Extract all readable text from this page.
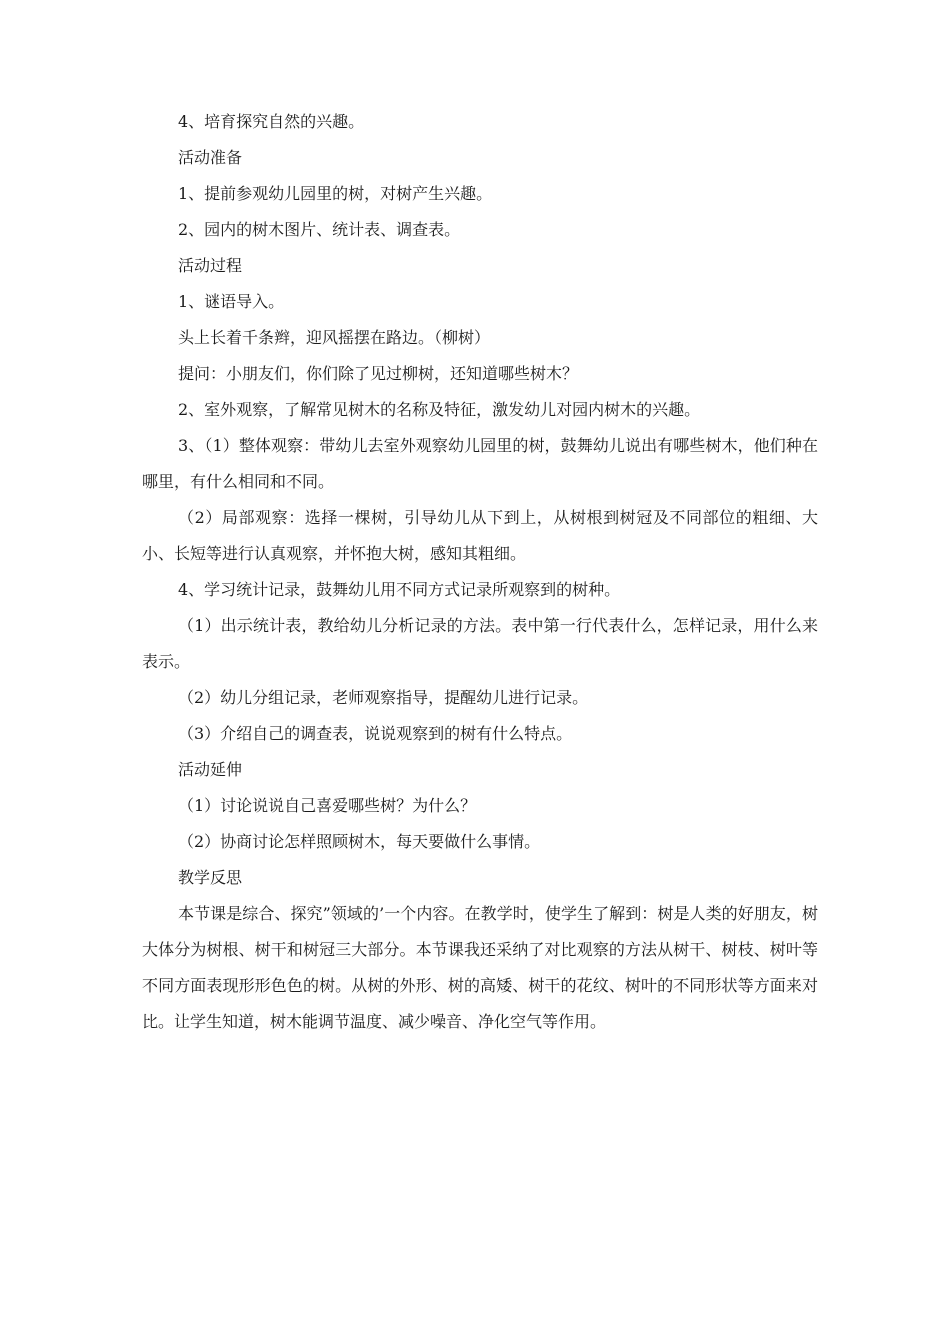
4、培育探究自然的兴趣。

活动准备

1、提前参观幼儿园里的树，对树产生兴趣。

2、园内的树木图片、统计表、调查表。

活动过程

1、谜语导入。

头上长着千条辫，迎风摇摆在路边。（柳树）

提问：小朋友们，你们除了见过柳树，还知道哪些树木？

2、室外观察，了解常见树木的名称及特征，激发幼儿对园内树木的兴趣。

3、（1）整体观察：带幼儿去室外观察幼儿园里的树，鼓舞幼儿说出有哪些树木，他们种在哪里，有什么相同和不同。

（2）局部观察：选择一棵树，引导幼儿从下到上，从树根到树冠及不同部位的粗细、大小、长短等进行认真观察，并怀抱大树，感知其粗细。

4、学习统计记录，鼓舞幼儿用不同方式记录所观察到的树种。

（1）出示统计表，教给幼儿分析记录的方法。表中第一行代表什么，怎样记录，用什么来表示。

（2）幼儿分组记录，老师观察指导，提醒幼儿进行记录。

（3）介绍自己的调查表，说说观察到的树有什么特点。

活动延伸

（1）讨论说说自己喜爱哪些树？为什么？

（2）协商讨论怎样照顾树木，每天要做什么事情。

教学反思

本节课是综合、探究”领域的’一个内容。在教学时，使学生了解到：树是人类的好朋友，树大体分为树根、树干和树冠三大部分。本节课我还采纳了对比观察的方法从树干、树枝、树叶等不同方面表现形形色色的树。从树的外形、树的高矮、树干的花纹、树叶的不同形状等方面来对比。让学生知道，树木能调节温度、减少噪音、净化空气等作用。
